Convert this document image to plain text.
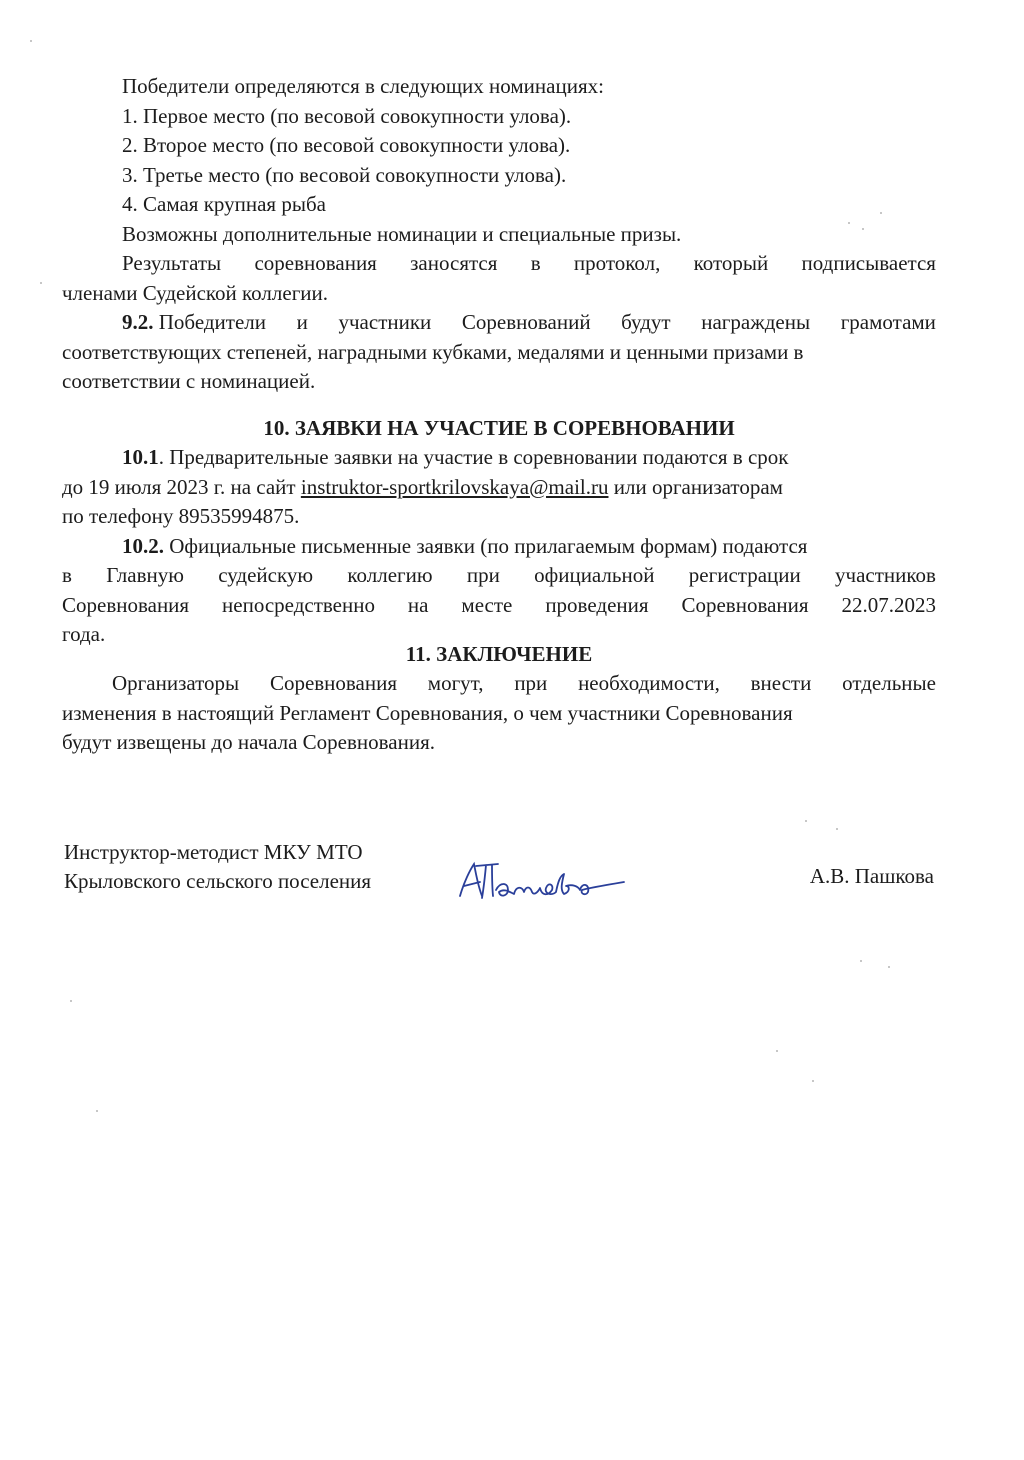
Победители определяются в следующих номинациях:
1. Первое место (по весовой совокупности улова).
2. Второе место (по весовой совокупности улова).
3. Третье место (по весовой совокупности улова).
4. Самая крупная рыба
Возможны дополнительные номинации и специальные призы.
Результаты соревнования заносятся в протокол, который подписывается
членами Судейской коллегии.
9.2. Победители и участники Соревнований будут награждены грамотами
соответствующих степеней, наградными кубками, медалями и ценными призами в
соответствии с номинацией.
10. ЗАЯВКИ НА УЧАСТИЕ В СОРЕВНОВАНИИ
10.1. Предварительные заявки на участие в соревновании подаются в срок
до 19 июля 2023 г. на сайт instruktor-sportkrilovskaya@mail.ru или организаторам
по телефону 89535994875.
10.2. Официальные письменные заявки (по прилагаемым формам) подаются
в Главную судейскую коллегию при официальной регистрации участников
Соревнования непосредственно на месте проведения Соревнования 22.07.2023
года.
11. ЗАКЛЮЧЕНИЕ
Организаторы Соревнования могут, при необходимости, внести отдельные
изменения в настоящий Регламент Соревнования, о чем участники Соревнования
будут извещены до начала Соревнования.
Инструктор-методист МКУ МТО
Крыловского сельского поселения	А.В. Пашкова
